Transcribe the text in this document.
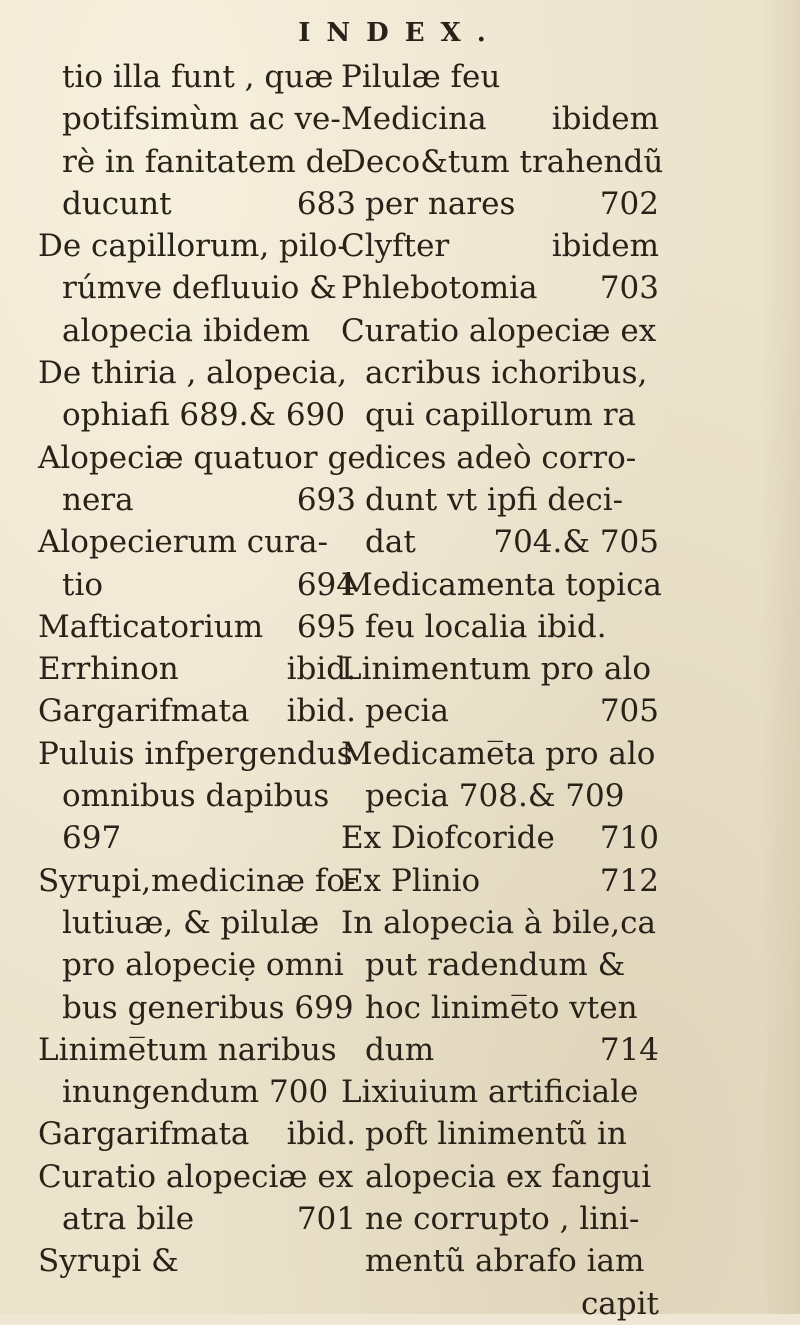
INDEX.
tio illa funt , quæ
potifsimùm ac ve-
rè in fanitatem de
ducunt	683
De capillorum, pilo-
rúmve defluuio &
alopecia ibidem
De thiria , alopecia,
ophiafi 689.& 690
Alopeciæ quatuor ge
nera	693
Alopecierum cura-
tio	694
Mafticatorium 695
Errhinon	ibid.
Gargarifmata ibid.
Puluis infpergendus
omnibus dapibus
697
Syrupi,medicinæ fo-
lutiuæ, & pilulæ
pro alopeciẹ omni
bus generibus 699
Linime̅tum naribus
inungendum 700
Gargarifmata ibid.
Curatio alopeciæ ex
atra bile	701
Syrupi &
Pilulæ feu
Medicina ibidem
Deco&tum trahendũ
per nares	702
Clyfter	ibidem
Phlebotomia 703
Curatio alopeciæ ex
acribus ichoribus,
qui capillorum ra
dices adeò corro-
dunt vt ipfi deci-
dat	704.& 705
Medicamenta topica
feu localia ibid.
Linimentum pro alo
pecia	705
Medicame̅ta pro alo
pecia 708.& 709
Ex Diofcoride 710
Ex Plinio	712
In alopecia à bile,ca
put radendum &
hoc linime̅to vten
dum	714
Lixiuium artificiale
poft linimentũ in
alopecia ex fangui
ne corrupto , lini-
mentũ abrafo iam
capit
